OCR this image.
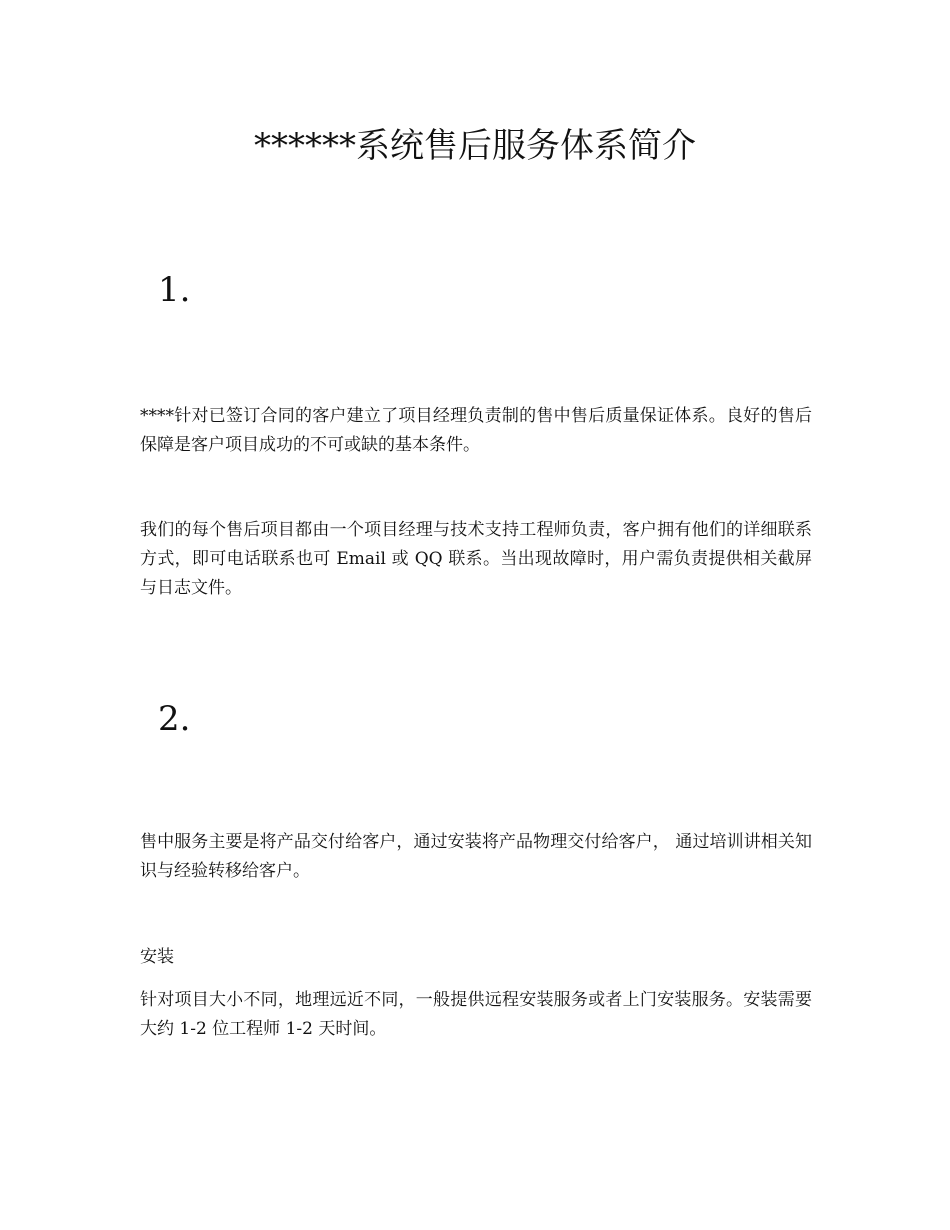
******系统售后服务体系简介
1.

****针对已签订合同的客户建立了项目经理负责制的售中售后质量保证体系。良好的售后保障是客户项目成功的不可或缺的基本条件。

我们的每个售后项目都由一个项目经理与技术支持工程师负责，客户拥有他们的详细联系方式，即可电话联系也可 Email 或 QQ 联系。当出现故障时，用户需负责提供相关截屏与日志文件。

2.

售中服务主要是将产品交付给客户，通过安装将产品物理交付给客户， 通过培训讲相关知识与经验转移给客户。

安装

针对项目大小不同，地理远近不同，一般提供远程安装服务或者上门安装服务。安装需要大约 1-2 位工程师 1-2 天时间。
